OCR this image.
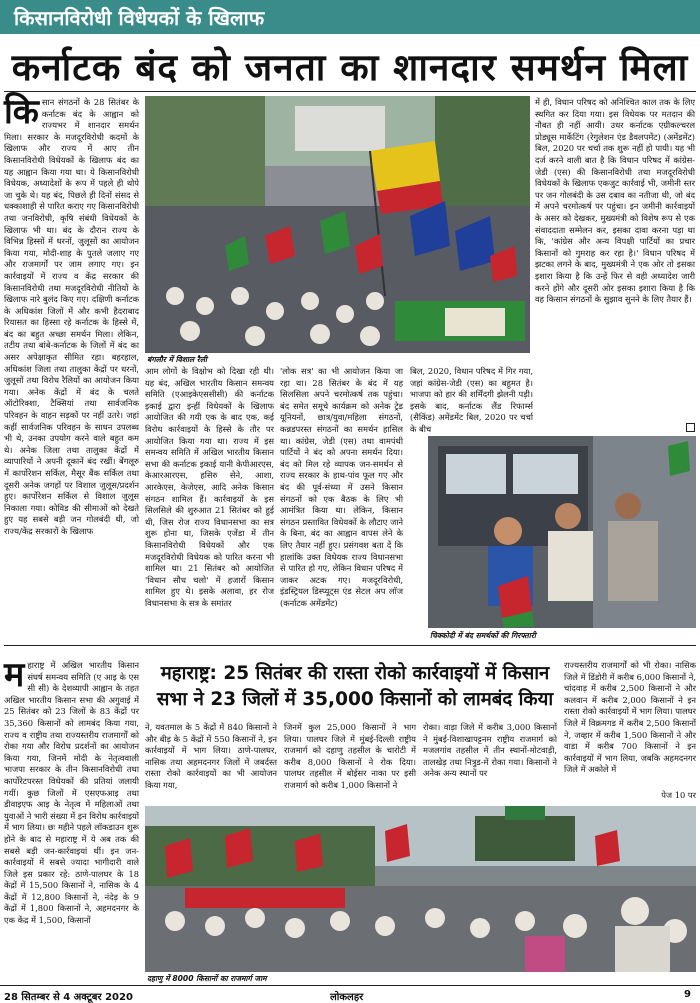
किसानविरोधी विधेयकों के खिलाफ
कर्नाटक बंद को जनता का शानदार समर्थन मिला
किसान संगठनों के 28 सितंबर के कर्नाटक बंद के आह्वान को राज्यभर में शानदार समर्थन मिला। सरकार के मजदूरविरोधी कदमों के खिलाफ और राज्य में आए तीन किसानविरोधी विधेयकों के खिलाफ बंद का यह आह्वान किया गया था। ये किसानविरोधी विधेयक, अध्यादेशों के रूप में पहले ही थोपे जा चुके थे। यह बंद, पिछले ही दिनों संसद से धक्काशाही से पारित कराए गए किसानविरोधी तथा जनविरोधी, कृषि संबंधी विधेयकों के खिलाफ भी था। बंद के दौरान राज्य के विभिन्न हिस्सों में धरनों, जुलूसों का आयोजन किया गया, मोदी-शाह के पुतले जलाए गए और राजमार्गों पर जाम लगाए गए। इन कार्रवाइयों में राज्य व केंद्र सरकार की किसानविरोधी तथा मजदूरविरोधी नीतियों के खिलाफ नारे बुलंद किए गए। दक्षिणी कर्नाटक के अधिकांश जिलों में और कभी हैदराबाद रियासत का हिस्सा रहे कर्नाटक के हिस्से में, बंद का बहुत अच्छा समर्थन मिला। लेकिन, तटीय तथा बांबे-कर्नाटक के जिलों में बंद का असर अपेक्षाकृत सीमित रहा। बहरहाल, अधिकांश जिला तथा तालुका केंद्रों पर धरनों, जुलूसों तथा विरोध रैलियों का आयोजन किया गया। अनेक केंद्रों में बंद के चलते ऑटोरिक्शा, टैक्सियां तथा सार्वजनिक परिवहन के वाहन सड़कों पर नहीं उतरे। जहां कहीं सार्वजनिक परिवहन के साधन उपलब्ध भी थे, उनका उपयोग करने वाले बहुत कम थे। अनेक जिला तथा तालुका केंद्रों में व्यापारियों ने अपनी दूकानें बंद रखीं। बेंगलूरु में कार्पोरेशन सर्किल, मैसूर बैंक सर्किल तथा दूसरी अनेक जगहों पर विशाल जुलूस/प्रदर्शन हुए। कार्पोरेशन सर्किल से विशाल जुलूस निकाला गया। कोविड की सीमाओं को देखते हुए यह सबसे बड़ी जन गोलबंदी थी, जो राज्य/केंद्र सरकारों के खिलाफ
बंगलौर में विशाल रैली
आम लोगों के विक्षोभ को दिखा रही थी। यह बंद, अखिल भारतीय किसान समन्वय समिति (एआइकेएससीसी) की कर्नाटक इकाई द्वारा इन्हीं विधेयकों के खिलाफ आयोजित की गयी एक के बाद एक, कई विरोध कार्रवाइयों के हिस्से के तौर पर आयोजित किया गया था। राज्य में इस समन्वय समिति में अखिल भारतीय किसान सभा की कर्नाटक इकाई यानी केपीआरएस, केआरआरएस, हसिरु सेने, आशा, आरकेएस, केजेएस, आदि अनेक किसान संगठन शामिल हैं। कार्रवाइयों के इस सिलसिले की शुरुआत 21 सितंबर को हुई थी, जिस रोज राज्य विधानसभा का सत्र शुरू होना था, जिसके एजेंडा में तीन किसानविरोधी विधेयकों और एक मजदूरविरोधी विधेयक को पारित करना भी शामिल था। 21 सितंबर को आयोजित 'विधान सौध चलो' में हजारों किसान शामिल हुए थे। इसके अलावा, हर रोज विधानसभा के सत्र के समांतर
'लोक सत्र' का भी आयोजन किया जा रहा था। 28 सितंबर के बंद में यह सिलसिला अपने चरमोत्कर्ष तक पहुंचा। बंद समेत समूचे कार्यक्रम को अनेक ट्रेड यूनियनों, छात्र/युवा/महिला संगठनों, कन्नडपरस्त संगठनों का समर्थन हासिल था। कांग्रेस, जेडी (एस) तथा वामपंथी पार्टियों ने बंद को अपना समर्थन दिया। बंद को मिल रहे व्यापक जन-समर्थन से राज्य सरकार के हाथ-पांव फूल गए और बंद की पूर्व-संध्या में उसने किसान संगठनों को एक बैठक के लिए भी आमंत्रित किया था। लेकिन, किसान संगठन प्रस्तावित विधेयकों के लौटाए जाने के बिना, बंद का आह्वान वापस लेने के लिए तैयार नहीं हुए। प्रसंगवश बता दें कि हालांकि उक्त विधेयक राज्य विधानसभा से पारित हो गए, लेकिन विधान परिषद में जाकर अटक गए। मजदूरविरोधी, इंडस्ट्रियल डिस्प्यूट्स एंड सेटल अप लॉज (कर्नाटक अमेंडमेंट)
बिल, 2020, विधान परिषद में गिर गया, जहां कांग्रेस-जेडी (एस) का बहुमत है। भाजपा को हार की शर्मिंदगी झेलनी पड़ी। इसके बाद, कर्नाटक लैंड रिफार्म्स (सैकिंड) अमेंडमेंट बिल, 2020 पर चर्चा के बीच
में ही, विधान परिषद को अनिश्चित काल तक के लिए स्थगित कर दिया गया। इस विधेयक पर मतदान की नौबत ही नहीं आयी। उधर कर्नाटक एग्रीकल्चरल प्रोड्यूस मार्केटिंग (रेगुलेशन एंड डैवलपमेंट) (अमेंडमेंट) बिल, 2020 पर चर्चा तक शुरू नहीं हो पायी। यह भी दर्ज करने वाली बात है कि विधान परिषद में कांग्रेस-जेडी (एस) की किसानविरोधी तथा मजदूरविरोधी विधेयकों के खिलाफ एकजुट कार्रवाई भी, जमीनी स्तर पर जन गोलबंदी के उस दबाव का नतीजा थी, जो बंद में अपने चरमोत्कर्ष पर पहुंचा। इन जमीनी कार्रवाइयों के असर को देखकर, मुख्यमंत्री को विशेष रूप से एक संवाददाता सम्मेलन कर, इसका दावा करना पड़ा था कि, 'कांग्रेस और अन्य विपक्षी पार्टियों का प्रचार किसानों को गुमराह कर रहा है।' विधान परिषद में झटका लगने के बाद, मुख्यमंत्री ने एक ओर तो इसका इशारा किया है कि उन्हें फिर से वही अध्यादेश जारी करने होंगे और दूसरी ओर इसका इशारा किया है कि वह किसान संगठनों के सुझाव सुनने के लिए तैयार हैं।
चिक्कोदी में बंद समर्थकों की गिरफ्तारी
महाराष्ट्र में अखिल भारतीय किसान संघर्ष समन्वय समिति (ए आइ के एस सी सी) के देशव्यापी आह्वान के तहत अखिल भारतीय किसान सभा की अगुवाई में 25 सितंबर को 23 जिलों के 83 केंद्रों पर 35,360 किसानों को लामबंद किया गया, राज्य व राष्ट्रीय तथा राज्यस्तरीय राजमार्गों को रोका गया और विरोध प्रदर्शनों का आयोजन किया गया, जिनमें मोदी के नेतृत्ववाली भाजपा सरकार के तीन किसानविरोधी तथा कार्पोरेटपरस्त विधेयकों की प्रतियां जलायी गयीं। कुछ जिलों में एसएफआइ तथा डीवाइएफ आइ के नेतृत्व में महिलाओं तथा युवाओं ने भारी संख्या में इन विरोध कार्रवाइयों में भाग लिया। छः महीने पहले लॉकडाउन शुरू होने के बाद से महाराष्ट्र में ये अब तक की सबसे बड़ी जन-कार्रवाइयां थीं। इन जन-कार्रवाइयों में सबसे ज्यादा भागीदारी वाले जिले इस प्रकार रहे: ठाणे-पालघर के 18 केंद्रों में 15,500 किसानों ने, नासिक के 4 केंद्रों में 12,800 किसानों ने, नंदेड़ के 9 केंद्रों में 1,800 किसानों ने, अहमदनगर के एक केंद्र में 1,500, किसानों
महाराष्ट्र: 25 सितंबर की रास्ता रोको कार्रवाइयों में किसान सभा ने 23 जिलों में 35,000 किसानों को लामबंद किया
ने, यवतमाल के 5 केंद्रों में 840 किसानों ने और बीड़ के 5 केंद्रों में 550 किसानों ने, इन कार्रवाइयों में भाग लिया। ठाणे-पालघर, नासिक तथा अहमदनगर जिलों में जबर्दस्त रास्ता रोको कार्रवाइयों का भी आयोजन किया गया,
जिनमें कुल 25,000 किसानों ने भाग लिया। पालघर जिले में मुंबई-दिल्ली राष्ट्रीय राजमार्ग को दहाणु तहसील के चारोटी में करीब 8,000 किसानों ने रोक दिया। पालघर तहसील में बोईसर नाका पर इसी राजमार्ग को करीब 1,000 किसानों ने
रोका। वाड़ा जिले में करीब 3,000 किसानों ने मुंबई-विशाखापट्टनम राष्ट्रीय राजमार्ग को मजलगांव तहसील में तीन स्थानों-मोटवाड़ी, तालखेड़ तथा नित्रुड-में रोका गया। किसानों ने अनेक अन्य स्थानों पर
राज्यस्तरीय राजमार्गों को भी रोका। नासिक जिले में डिंडोरी में करीब 6,000 किसानों ने, चांदवाड़ में करीब 2,500 किसानों ने और कलवान में करीब 2,000 किसानों ने इन रास्ता रोको कार्रवाइयों में भाग लिया। पालघर जिले में विक्रमगड में करीब 2,500 किसानों ने, जव्हार में करीब 1,500 किसानों ने और वाडा में करीब 700 किसानों ने इन कार्रवाइयों में भाग लिया, जबकि अहमदनगर जिले में अकोले में
पेज 10 पर
दहाणु में 8000 किसानों का राजमार्ग जाम
28 सितम्बर से 4 अक्टूबर 2020	लोकलहर	9
